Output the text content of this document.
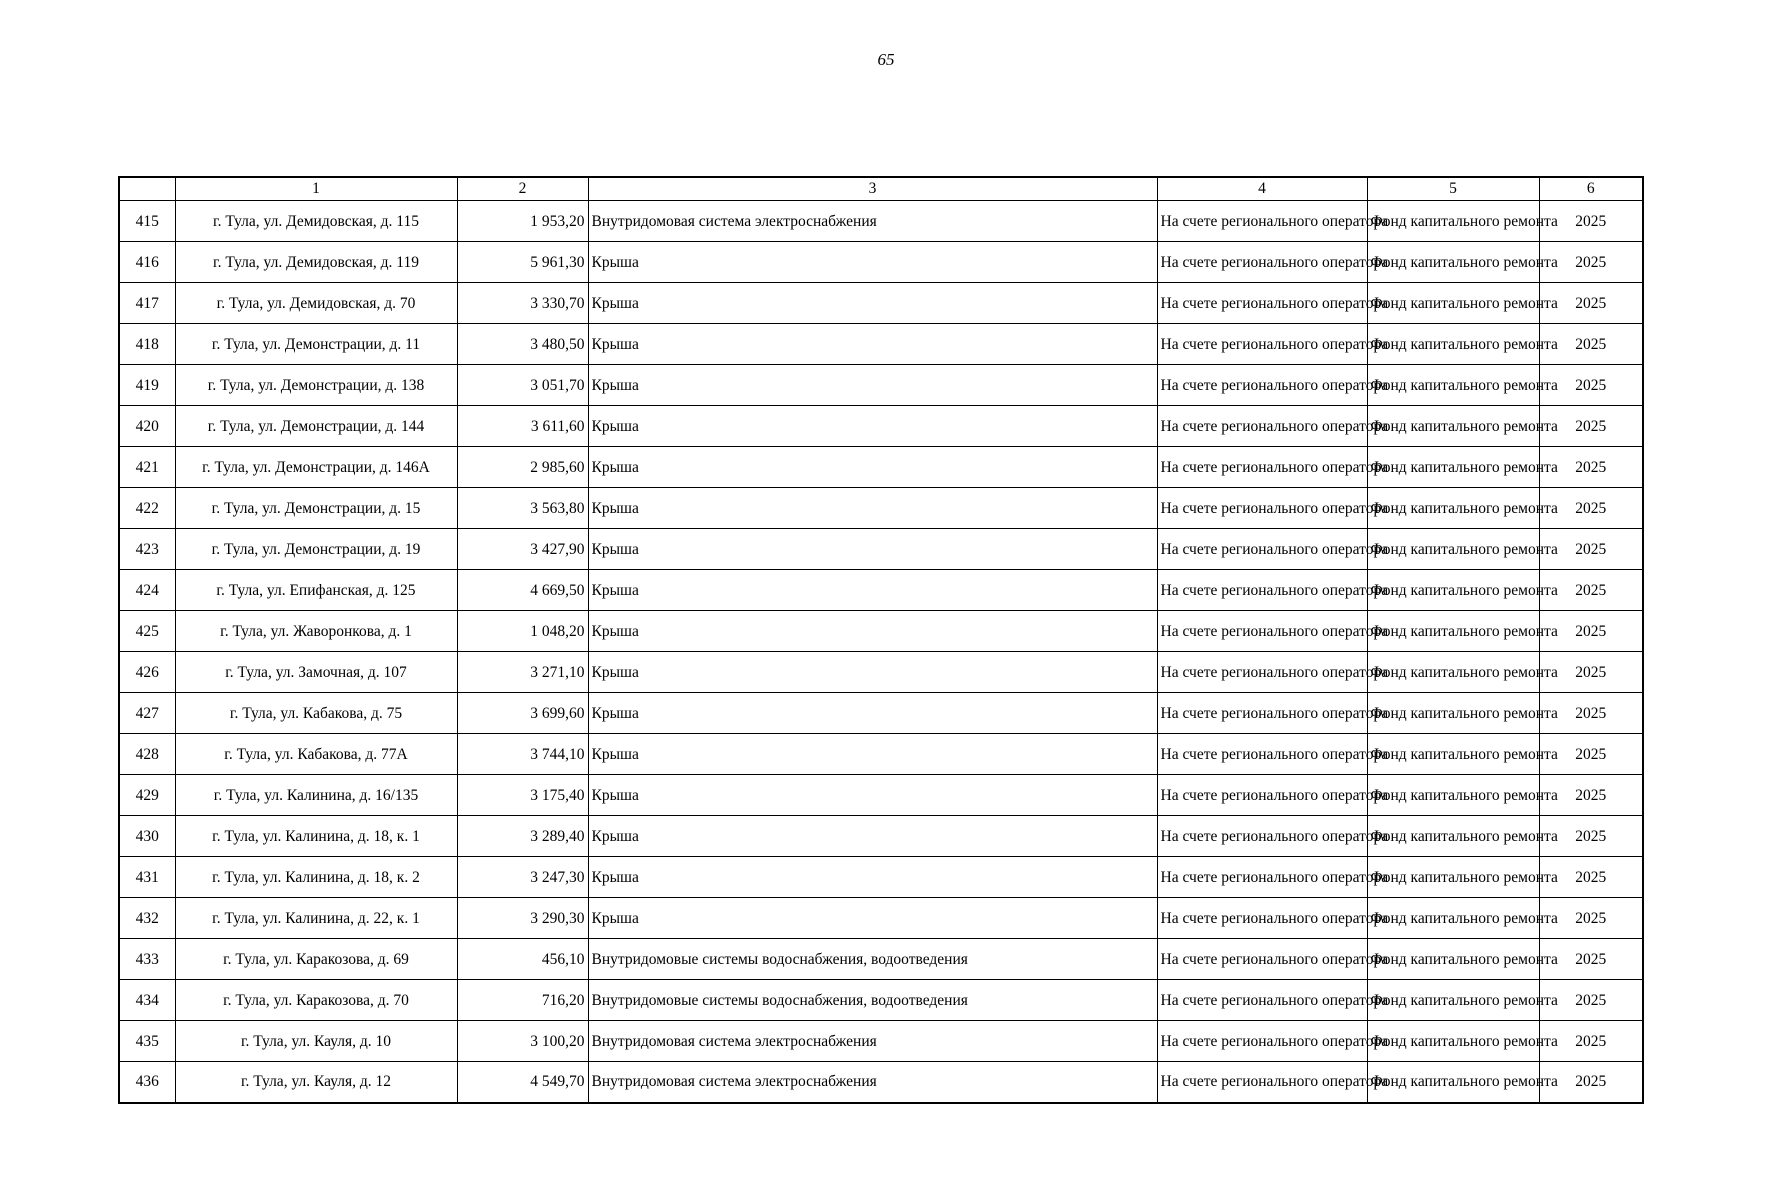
65
	1	2	3	4	5	6
415	г. Тула, ул. Демидовская, д. 115	1 953,20	Внутридомовая система электроснабжения	На счете регионального оператора	Фонд капитального ремонта	2025
416	г. Тула, ул. Демидовская, д. 119	5 961,30	Крыша	На счете регионального оператора	Фонд капитального ремонта	2025
417	г. Тула, ул. Демидовская, д. 70	3 330,70	Крыша	На счете регионального оператора	Фонд капитального ремонта	2025
418	г. Тула, ул. Демонстрации, д. 11	3 480,50	Крыша	На счете регионального оператора	Фонд капитального ремонта	2025
419	г. Тула, ул. Демонстрации, д. 138	3 051,70	Крыша	На счете регионального оператора	Фонд капитального ремонта	2025
420	г. Тула, ул. Демонстрации, д. 144	3 611,60	Крыша	На счете регионального оператора	Фонд капитального ремонта	2025
421	г. Тула, ул. Демонстрации, д. 146А	2 985,60	Крыша	На счете регионального оператора	Фонд капитального ремонта	2025
422	г. Тула, ул. Демонстрации, д. 15	3 563,80	Крыша	На счете регионального оператора	Фонд капитального ремонта	2025
423	г. Тула, ул. Демонстрации, д. 19	3 427,90	Крыша	На счете регионального оператора	Фонд капитального ремонта	2025
424	г. Тула, ул. Епифанская, д. 125	4 669,50	Крыша	На счете регионального оператора	Фонд капитального ремонта	2025
425	г. Тула, ул. Жаворонкова, д. 1	1 048,20	Крыша	На счете регионального оператора	Фонд капитального ремонта	2025
426	г. Тула, ул. Замочная, д. 107	3 271,10	Крыша	На счете регионального оператора	Фонд капитального ремонта	2025
427	г. Тула, ул. Кабакова, д. 75	3 699,60	Крыша	На счете регионального оператора	Фонд капитального ремонта	2025
428	г. Тула, ул. Кабакова, д. 77А	3 744,10	Крыша	На счете регионального оператора	Фонд капитального ремонта	2025
429	г. Тула, ул. Калинина, д. 16/135	3 175,40	Крыша	На счете регионального оператора	Фонд капитального ремонта	2025
430	г. Тула, ул. Калинина, д. 18, к. 1	3 289,40	Крыша	На счете регионального оператора	Фонд капитального ремонта	2025
431	г. Тула, ул. Калинина, д. 18, к. 2	3 247,30	Крыша	На счете регионального оператора	Фонд капитального ремонта	2025
432	г. Тула, ул. Калинина, д. 22, к. 1	3 290,30	Крыша	На счете регионального оператора	Фонд капитального ремонта	2025
433	г. Тула, ул. Каракозова, д. 69	456,10	Внутридомовые системы водоснабжения, водоотведения	На счете регионального оператора	Фонд капитального ремонта	2025
434	г. Тула, ул. Каракозова, д. 70	716,20	Внутридомовые системы водоснабжения, водоотведения	На счете регионального оператора	Фонд капитального ремонта	2025
435	г. Тула, ул. Кауля, д. 10	3 100,20	Внутридомовая система электроснабжения	На счете регионального оператора	Фонд капитального ремонта	2025
436	г. Тула, ул. Кауля, д. 12	4 549,70	Внутридомовая система электроснабжения	На счете регионального оператора	Фонд капитального ремонта	2025
